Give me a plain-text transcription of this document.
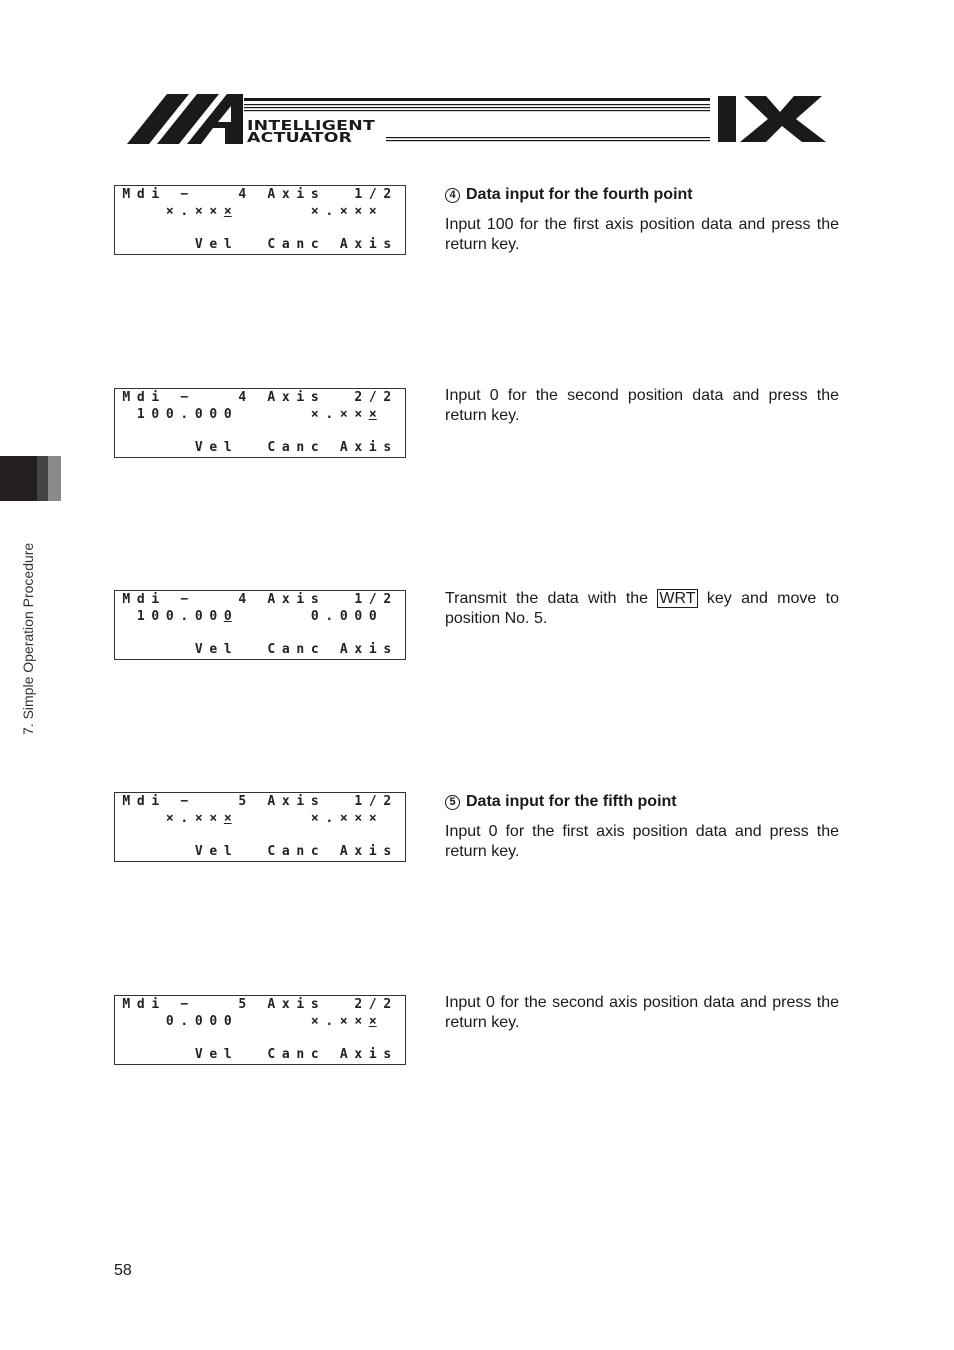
INTELLIGENT
ACTUATOR
7. Simple Operation Procedure
M d i −	4 A x i s	1 / 2
× . × × ×	× . × × ×
V e l	C a n c A x i s
4 Data input for the fourth point

Input 100 for the first axis position data and press the return key.

M d i −	4 A x i s	2 / 2
1 0 0 . 0 0 0	× . × × ×
V e l	C a n c A x i s

Input 0 for the second position data and press the return key.

M d i −	4 A x i s	1 / 2
1 0 0 . 0 0 0	0 . 0 0 0
V e l	C a n c A x i s

Transmit the data with the WRT key and move to position No. 5.

M d i −	5 A x i s	1 / 2
× . × × ×	× . × × ×
V e l	C a n c A x i s
5 Data input for the fifth point

Input 0 for the first axis position data and press the return key.

M d i −	5 A x i s	2 / 2
0 . 0 0 0	× . × × ×
V e l	C a n c A x i s

Input 0 for the second axis position data and press the return key.

58
